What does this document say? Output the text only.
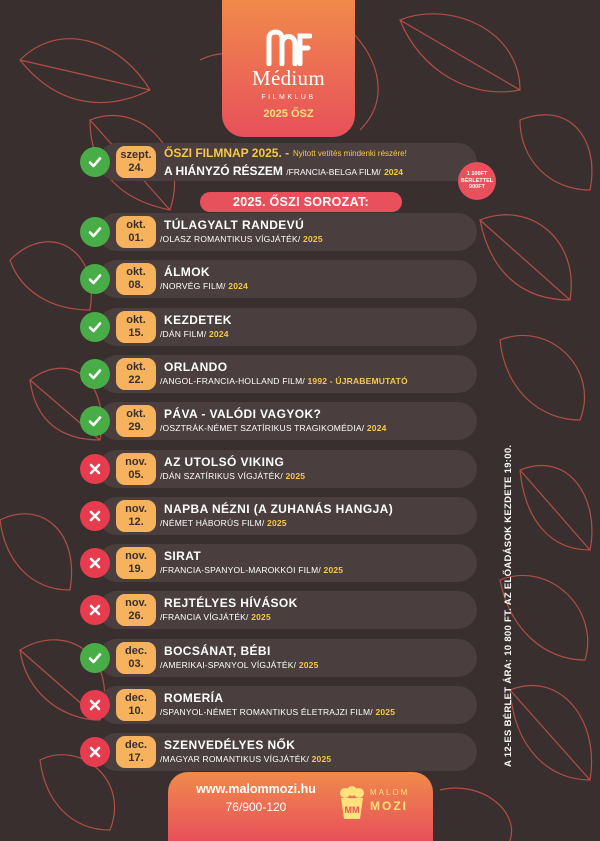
Médium
FILMKLUB
2025 ŐSZ
szept.
24.
ŐSZI FILMNAP 2025. - Nyitott vetítés mindenki részére!
A HIÁNYZÓ RÉSZEM /FRANCIA-BELGA FILM/ 2024	1 100FT
BÉRLETTEL
900FT
2025. ŐSZI SOROZAT:
okt.
01.
TÚLAGYALT RANDEVÚ
/OLASZ ROMANTIKUS VÍGJÁTÉK/ 2025
okt.
08.
ÁLMOK
/NORVÉG FILM/ 2024
okt.
15.
KEZDETEK
/DÁN FILM/ 2024
okt.
22.
ORLANDO
/ANGOL-FRANCIA-HOLLAND FILM/ 1992 - ÚJRABEMUTATÓ
okt.
29.
PÁVA - VALÓDI VAGYOK?
/OSZTRÁK-NÉMET SZATÍRIKUS TRAGIKOMÉDIA/ 2024
nov.
05.
AZ UTOLSÓ VIKING
/DÁN SZATÍRIKUS VÍGJÁTÉK/ 2025
nov.
12.
NAPBA NÉZNI (A ZUHANÁS HANGJA)
/NÉMET HÁBORÚS FILM/ 2025
nov.
19.
SIRAT
/FRANCIA-SPANYOL-MAROKKÓI FILM/ 2025
nov.
26.
REJTÉLYES HÍVÁSOK
/FRANCIA VÍGJÁTÉK/ 2025
dec.
03.
BOCSÁNAT, BÉBI
/AMERIKAI-SPANYOL VÍGJÁTÉK/ 2025
dec.
10.
ROMERÍA
/SPANYOL-NÉMET ROMANTIKUS ÉLETRAJZI FILM/ 2025
dec.
17.
SZENVEDÉLYES NŐK
/MAGYAR ROMANTIKUS VÍGJÁTÉK/ 2025	A 12-ES BÉRLET ÁRA: 10 800 FT. AZ ELŐADÁSOK KEZDETE 19:00.
www.malommozi.hu
76/900-120	MM
MALOM
MOZI
